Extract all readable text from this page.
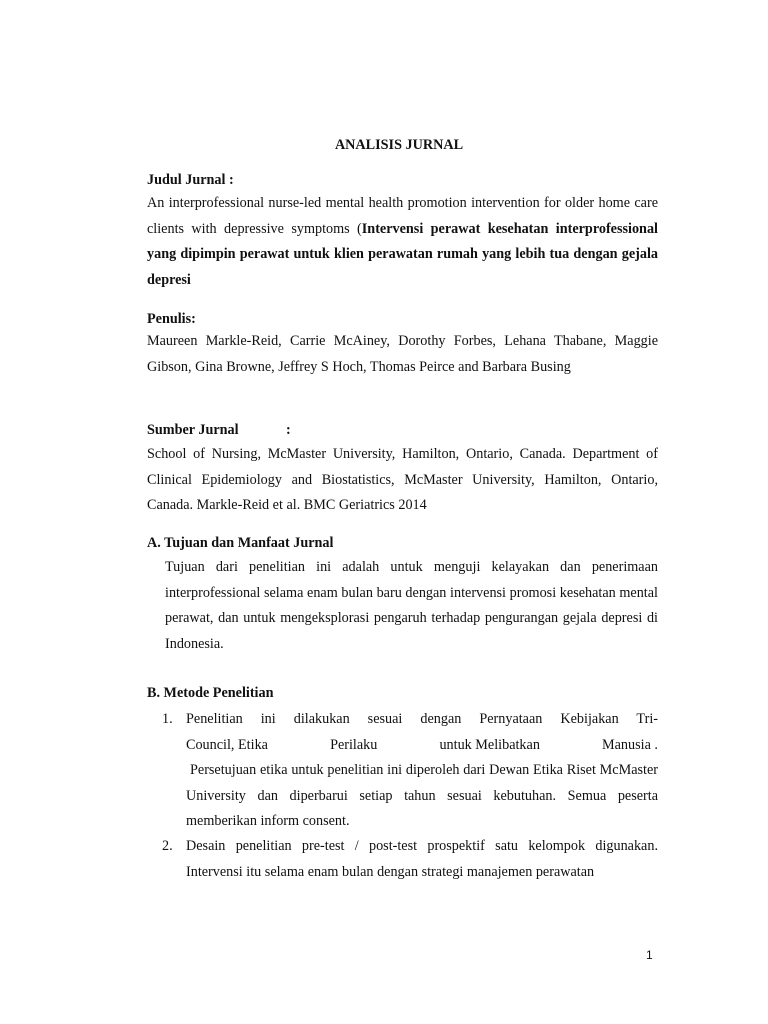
ANALISIS JURNAL
Judul Jurnal :
An interprofessional nurse-led mental health promotion intervention for older home care clients with depressive symptoms (Intervensi perawat kesehatan interprofessional yang dipimpin perawat untuk klien perawatan rumah yang lebih tua dengan gejala depresi
Penulis:
Maureen Markle-Reid, Carrie McAiney, Dorothy Forbes, Lehana Thabane, Maggie Gibson, Gina Browne, Jeffrey S Hoch, Thomas Peirce and Barbara Busing
Sumber Jurnal	:
School of Nursing, McMaster University, Hamilton, Ontario, Canada. Department of Clinical Epidemiology and Biostatistics, McMaster University, Hamilton, Ontario, Canada. Markle-Reid et al. BMC Geriatrics 2014
A. Tujuan dan Manfaat Jurnal
Tujuan dari penelitian ini adalah untuk menguji kelayakan dan penerimaan interprofessional selama enam bulan baru dengan intervensi promosi kesehatan mental perawat, dan untuk mengeksplorasi pengaruh terhadap pengurangan gejala depresi di Indonesia.
B. Metode Penelitian
1. Penelitian ini dilakukan sesuai dengan Pernyataan Kebijakan Tri-
Council, Etika	Perilaku	untuk Melibatkan	Manusia .
Persetujuan etika untuk penelitian ini diperoleh dari Dewan Etika Riset McMaster University dan diperbarui setiap tahun sesuai kebutuhan. Semua peserta memberikan inform consent.
2. Desain penelitian pre-test / post-test prospektif satu kelompok digunakan. Intervensi itu selama enam bulan dengan strategi manajemen perawatan
1
